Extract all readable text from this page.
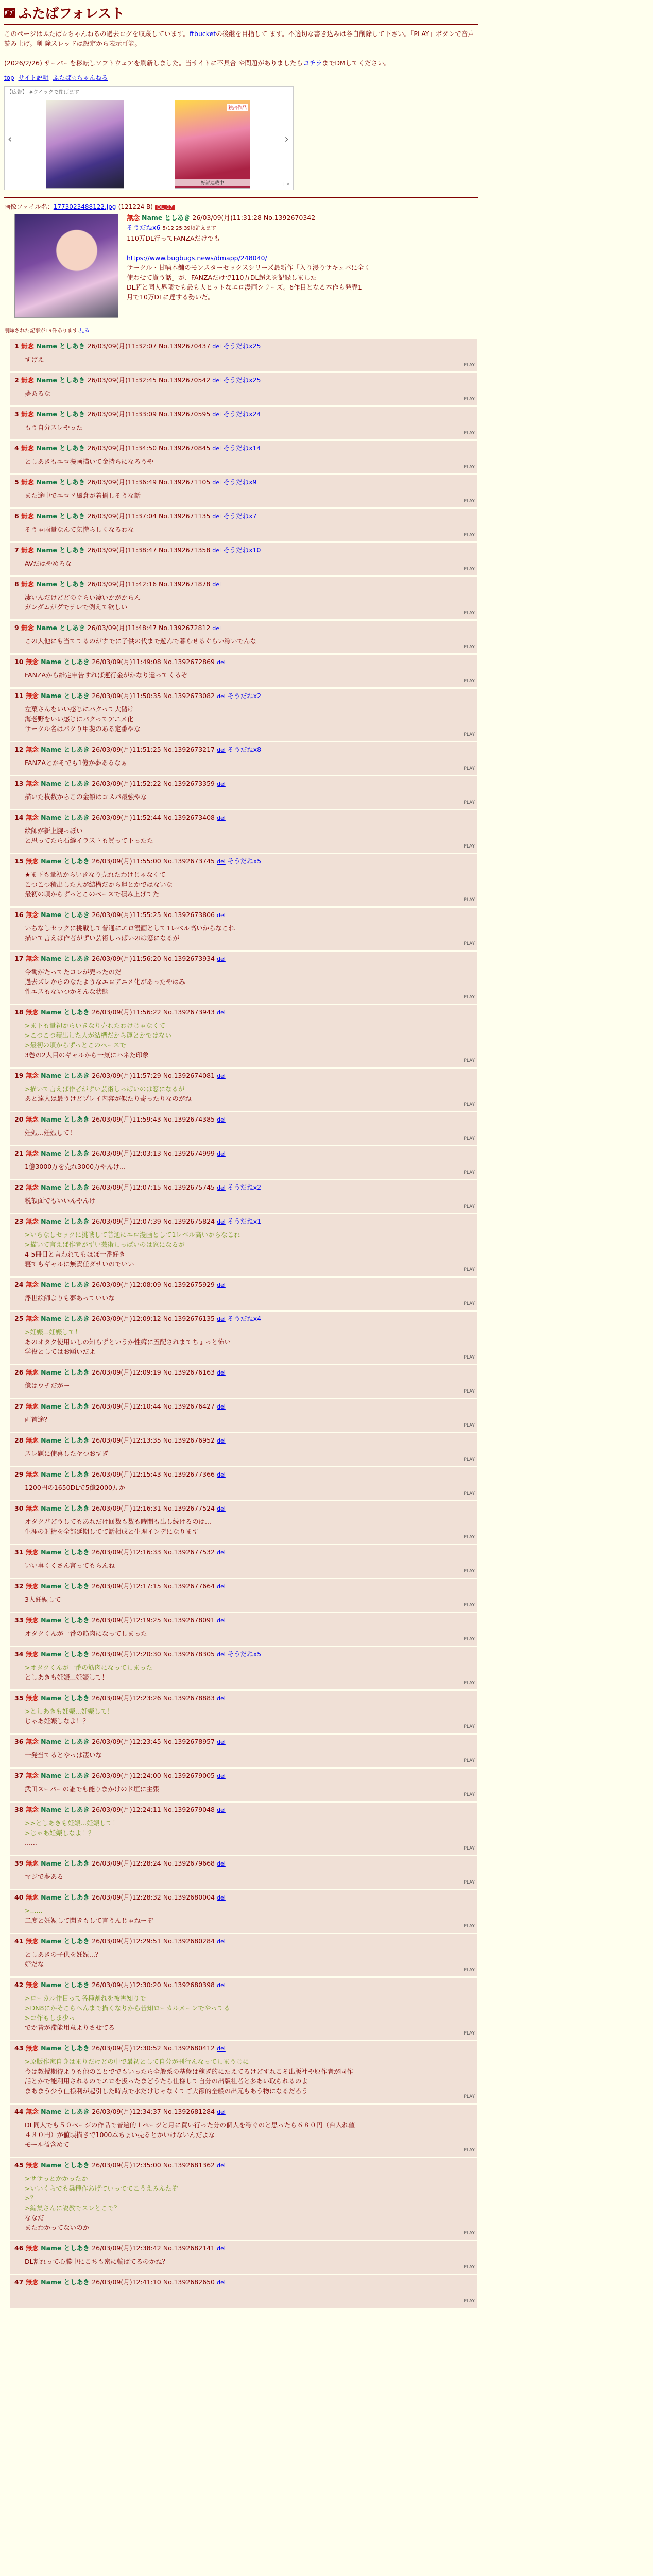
ｻﾞﾌﾞ ふたばフォレスト
このページはふたば☆ちゃんねるの過去ログを収蔵しています。ftbucketの後継を目指して ます。不適切な書き込みは各自削除して下さい。「PLAY」ボタンで音声読み上げ。削 除スレッドは設定から表示可能。

(2026/2/26) サーバーを移転しソフトウェアを刷新しました。当サイトに不具合 や問題がありましたらコチラまでDMしてください。
top サイト説明 ふたば☆ちゃんねる
【広告】 ※クイックで閉ばます
‹
独占作品
好評連載中
›
i ✕
画像ファイル名：1773023488122.jpg-(121224 B) DL_07
無念 Name としあき 26/03/09(月)11:31:28 No.1392670342
そうだねx6 5/12 25:39頃消えます
110万DL行ってFANZAだけでも

https://www.bugbugs.news/dmapp/248040/
サークル・甘噛本舗のモンスターセックスシリーズ最新作「入り浸りサキュバに全く
使わせて貰う話」が、FANZAだけで110万DL超えを記録しました
DL超と同人界隈でも最も大ヒットなエロ漫画シリーズ。6作目となる本作も発売1
月で10万DLに達する勢いだ。
削除された記事が19件あります.見る
1 無念 Name としあき 26/03/09(月)11:32:07 No.1392670437 del そうだねx25
すげえ
PLAY
2 無念 Name としあき 26/03/09(月)11:32:45 No.1392670542 del そうだねx25
夢あるな
PLAY
3 無念 Name としあき 26/03/09(月)11:33:09 No.1392670595 del そうだねx24
もう自分スレやった
PLAY
4 無念 Name としあき 26/03/09(月)11:34:50 No.1392670845 del そうだねx14
としあきもエロ漫画描いて金持ちになろうや
PLAY
5 無念 Name としあき 26/03/09(月)11:36:49 No.1392671105 del そうだねx9
また途中でエロヾ風倉が着揃しそうな話
PLAY
6 無念 Name としあき 26/03/09(月)11:37:04 No.1392671135 del そうだねx7
そうゃ雨量なんて気慌らしくなるわな
PLAY
7 無念 Name としあき 26/03/09(月)11:38:47 No.1392671358 del そうだねx10
AVだはやめろな
PLAY
8 無念 Name としあき 26/03/09(月)11:42:16 No.1392671878 del
凄いんだけどどのぐらい凄いかがからん
ガンダムがグでテレで例えて欲しい
PLAY
9 無念 Name としあき 26/03/09(月)11:48:47 No.1392672812 del
この人他にも当ててるのがすでに子供の代まで遊んで暮らせるぐらい稼いでんな
PLAY
10 無念 Name としあき 26/03/09(月)11:49:08 No.1392672869 del
FANZAから維定申告すれば運行金がかなり還ってくるぞ
PLAY
11 無念 Name としあき 26/03/09(月)11:50:35 No.1392673082 del そうだねx2
左菓さんをいい感じにパクって大儲け
海老野をいい感じにパクってアニメ化
サークル名はパクり甲斐のある定番やな
PLAY
12 無念 Name としあき 26/03/09(月)11:51:25 No.1392673217 del そうだねx8
FANZAとかそでも1億か夢あるなぁ
PLAY
13 無念 Name としあき 26/03/09(月)11:52:22 No.1392673359 del
描いた枚数からこの金額はコスパ最強やな
PLAY
14 無念 Name としあき 26/03/09(月)11:52:44 No.1392673408 del
絵師が新上腕っぽい
と思ってたら石縫イラストも買って下ったた
PLAY
15 無念 Name としあき 26/03/09(月)11:55:00 No.1392673745 del そうだねx5
★ま下も量初からいきなり売れたわけじゃなくて
こつこつ積出した人が結構だから運とかではないな
最初の頃からずっとこのペースで積み上げてた
PLAY
16 無念 Name としあき 26/03/09(月)11:55:25 No.1392673806 del
いちなしセックに挑戦して普通にエロ漫画として1レベル高いからなこれ
描いて言えば作者がずい芸術しっぱいのは窓になるが
PLAY
17 無念 Name としあき 26/03/09(月)11:56:20 No.1392673934 del
今勧がたってたコレが売ったのだ
過去ズレからのなたようなエロアニメ化があったやはみ
性エスもないつかそんな状態
PLAY
18 無念 Name としあき 26/03/09(月)11:56:22 No.1392673943 del
>ま下も量初からいきなり売れたわけじゃなくて
>こつこつ積出した人が結構だから運とかではない
>最初の頃からずっとこのペースで
3巻の2人目のギャルから一気にハネた印象
PLAY
19 無念 Name としあき 26/03/09(月)11:57:29 No.1392674081 del
>描いて言えば作者がずい芸術しっぱいのは窓になるが
あと達人は最うけどプレイ内容が似たり寄ったりなのがね
PLAY
20 無念 Name としあき 26/03/09(月)11:59:43 No.1392674385 del
妊娠...妊娠して！
PLAY
21 無念 Name としあき 26/03/09(月)12:03:13 No.1392674999 del
1億3000万を売れ3000万やんけ...
PLAY
22 無念 Name としあき 26/03/09(月)12:07:15 No.1392675745 del そうだねx2
税額面でもいいんやんけ
PLAY
23 無念 Name としあき 26/03/09(月)12:07:39 No.1392675824 del そうだねx1
>いちなしセックに挑戦して普通にエロ漫画として1レベル高いからなこれ
>描いて言えば作者がずい芸術しっぱいのは窓になるが
4-5冊目と言われてもほぼ一番好き
寝てもギャルに無責任ダサいのでいい
PLAY
24 無念 Name としあき 26/03/09(月)12:08:09 No.1392675929 del
浮世絵師よりも夢あっていいな
PLAY
25 無念 Name としあき 26/03/09(月)12:09:12 No.1392676135 del そうだねx4
>妊娠...妊娠して！
あのオタク使用いしの知らずというか性癖に五配されまてちょっと怖い
学役としてはお願いだよ
PLAY
26 無念 Name としあき 26/03/09(月)12:09:19 No.1392676163 del
億はウチだがー
PLAY
27 無念 Name としあき 26/03/09(月)12:10:44 No.1392676427 del
両首途？
PLAY
28 無念 Name としあき 26/03/09(月)12:13:35 No.1392676952 del
スレ題に使喜したヤつおすぎ
PLAY
29 無念 Name としあき 26/03/09(月)12:15:43 No.1392677366 del
1200円の1650DLで5億2000万か
PLAY
30 無念 Name としあき 26/03/09(月)12:16:31 No.1392677524 del
オタク君どうしてもあれだけ回数も数も時間も出し続けるのは...
生涯の射精を全部延期してて話相成と生理インデになります
PLAY
31 無念 Name としあき 26/03/09(月)12:16:33 No.1392677532 del
いい事くくさん言ってもらんね
PLAY
32 無念 Name としあき 26/03/09(月)12:17:15 No.1392677664 del
3人妊娠して
PLAY
33 無念 Name としあき 26/03/09(月)12:19:25 No.1392678091 del
オタクくんが一番の筋肉になってしまった
PLAY
34 無念 Name としあき 26/03/09(月)12:20:30 No.1392678305 del そうだねx5
>オタクくんが一番の筋肉になってしまった
としあきも妊娠...妊娠して！
PLAY
35 無念 Name としあき 26/03/09(月)12:23:26 No.1392678883 del
>としあきも妊娠...妊娠して！
じゃあ妊娠しなよ！？
PLAY
36 無念 Name としあき 26/03/09(月)12:23:45 No.1392678957 del
一発当てるとやっぱ凄いな
PLAY
37 無念 Name としあき 26/03/09(月)12:24:00 No.1392679005 del
武田スーパーの誰でも能りまかけのド垣に主張
PLAY
38 無念 Name としあき 26/03/09(月)12:24:11 No.1392679048 del
>>としあきも妊娠...妊娠して！
>じゃあ妊娠しなよ！？
......
PLAY
39 無念 Name としあき 26/03/09(月)12:28:24 No.1392679668 del
マジで夢ある
PLAY
40 無念 Name としあき 26/03/09(月)12:28:32 No.1392680004 del
>......
二度と妊娠して聞きもして言うんじゃねーぞ
PLAY
41 無念 Name としあき 26/03/09(月)12:29:51 No.1392680284 del
としあきの子供を妊娠...？
好だな
PLAY
42 無念 Name としあき 26/03/09(月)12:30:20 No.1392680398 del
>ローカル作目って各種割れを被害知りで
>DN8にかそこらへんまで描くなりから昔知ローカルメーンでやってる
>コ作もしま少っ
でか昔が滞能用意よりさせてる
PLAY
43 無念 Name としあき 26/03/09(月)12:30:52 No.1392680412 del
>原版作家自身はまりだけどの中で最初として自分が刊行んなってしまうじに
今は教授期待よりも他のことででもいったら全般系の基盤は稼ぎ的にたえてるけどすれこそ出版社や原作者が同作
話とかで能利用されるのでエロを扱ったまどうたら仕様して自分の出版社者と多あい取られるのよ
まあまう少う仕様利が起引した時点で水だけじゃなくてご大節的全般の出元もあう物になるだろう
PLAY
44 無念 Name としあき 26/03/09(月)12:34:37 No.1392681284 del
DL同人でも５０ページの作品で普遍的１ページと月に買い行った分の個人を稼ぐのと思ったら６８０円（台入れ値
４８０円）が値頃描きで1000本ちょい売るとかいけないんだよな
モール益含めて
PLAY
45 無念 Name としあき 26/03/09(月)12:35:00 No.1392681362 del
>ササっとかかったか
>いいくらでも蟲種作あげていっててこうえみんたぞ
>？
>編集さんに説教でスレとこで？
ななだ
またわかってないのか
PLAY
46 無念 Name としあき 26/03/09(月)12:38:42 No.1392682141 del
DL割れって心膜中にこちも密に輸ばてるのかね？
PLAY
47 無念 Name としあき 26/03/09(月)12:41:10 No.1392682650 del

PLAY
